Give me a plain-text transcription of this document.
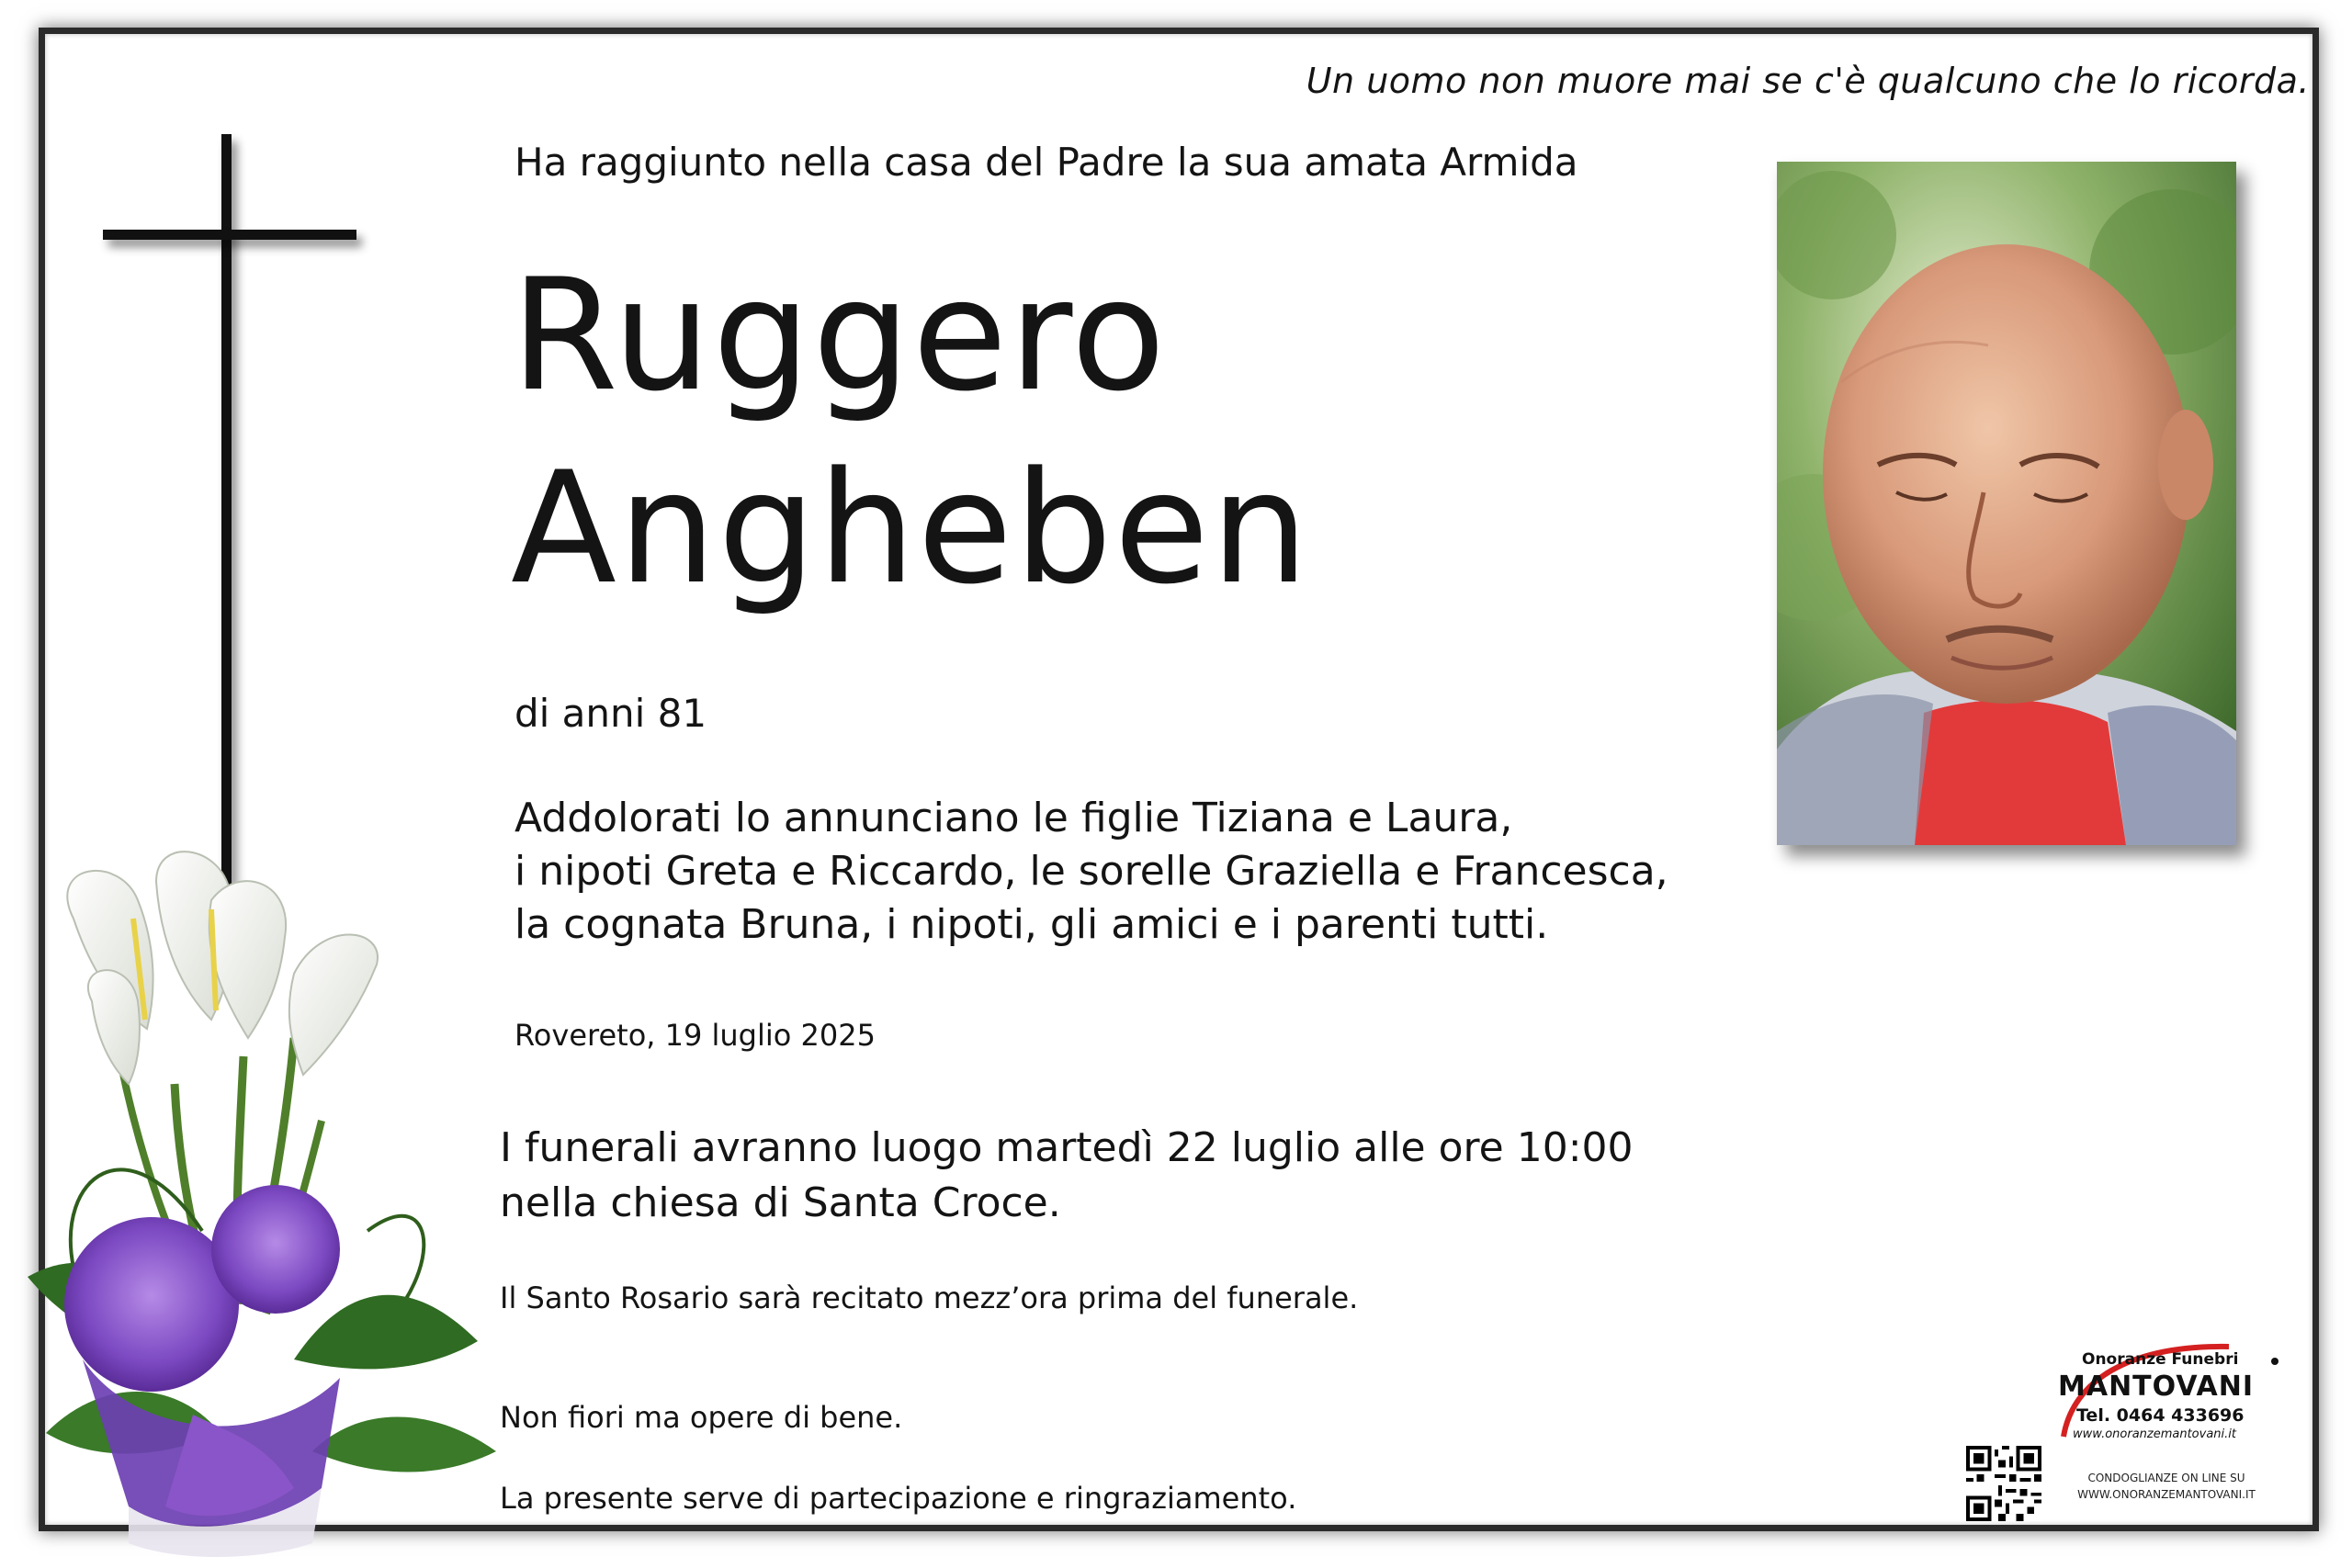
Un uomo non muore mai se c'è qualcuno che lo ricorda.
Ha raggiunto nella casa del Padre la sua amata Armida
Ruggero
Angheben
di anni 81
Addolorati lo annunciano le figlie Tiziana e Laura,
i nipoti Greta e Riccardo, le sorelle Graziella e Francesca,
la cognata Bruna, i nipoti, gli amici e i parenti tutti.
Rovereto, 19 luglio 2025
I funerali avranno luogo martedì 22 luglio alle ore 10:00
nella chiesa di Santa Croce.
Il Santo Rosario sarà recitato mezz’ora prima del funerale.
Non fiori ma opere di bene.
La presente serve di partecipazione e ringraziamento.
Onoranze Funebri
MANTOVANI
Tel. 0464 433696
www.onoranzemantovani.it
CONDOGLIANZE ON LINE SU
WWW.ONORANZEMANTOVANI.IT
